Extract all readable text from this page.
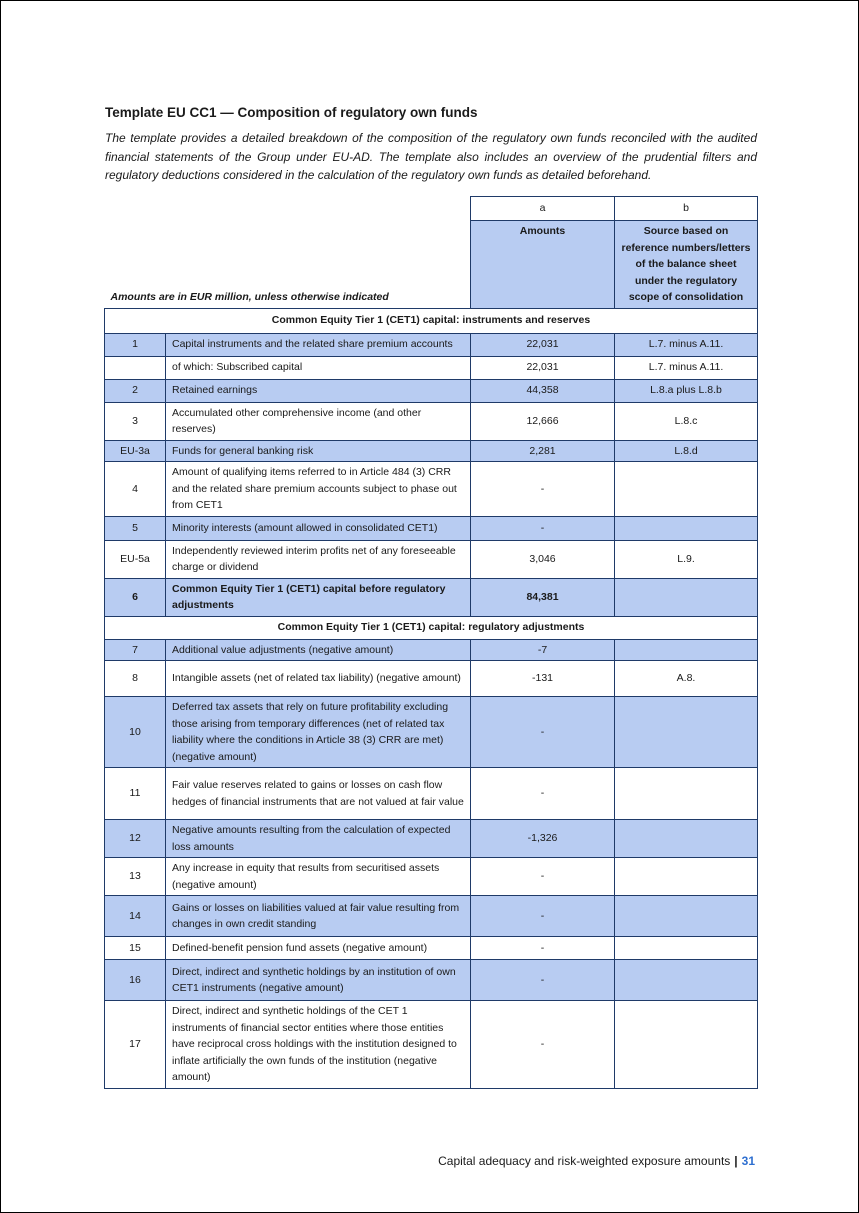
Template EU CC1 — Composition of regulatory own funds

The template provides a detailed breakdown of the composition of the regulatory own funds reconciled with the audited financial statements of the Group under EU-AD. The template also includes an overview of the prudential filters and regulatory deductions considered in the calculation of the regulatory own funds as detailed beforehand.

Amounts are in EUR million, unless otherwise indicated		a	b
		Amounts	Source based on reference numbers/letters of the balance sheet under the regulatory scope of consolidation
Common Equity Tier 1 (CET1) capital: instruments and reserves			
1	Capital instruments and the related share premium accounts	22,031	L.7. minus A.11.
	of which: Subscribed capital	22,031	L.7. minus A.11.
2	Retained earnings	44,358	L.8.a plus L.8.b
3	Accumulated other comprehensive income (and other reserves)	12,666	L.8.c
EU-3a	Funds for general banking risk	2,281	L.8.d
4	Amount of qualifying items referred to in Article 484 (3) CRR and the related share premium accounts subject to phase out from CET1	-	
5	Minority interests (amount allowed in consolidated CET1)	-	
EU-5a	Independently reviewed interim profits net of any foreseeable charge or dividend	3,046	L.9.
6	Common Equity Tier 1 (CET1) capital before regulatory adjustments	84,381	
Common Equity Tier 1 (CET1) capital: regulatory adjustments			
7	Additional value adjustments (negative amount)	-7	
8	Intangible assets (net of related tax liability) (negative amount)	-131	A.8.
10	Deferred tax assets that rely on future profitability excluding those arising from temporary differences (net of related tax liability where the conditions in Article 38 (3) CRR are met) (negative amount)	-	
11	Fair value reserves related to gains or losses on cash flow hedges of financial instruments that are not valued at fair value	-	
12	Negative amounts resulting from the calculation of expected loss amounts	-1,326	
13	Any increase in equity that results from securitised assets (negative amount)	-	
14	Gains or losses on liabilities valued at fair value resulting from changes in own credit standing	-	
15	Defined-benefit pension fund assets (negative amount)	-	
16	Direct, indirect and synthetic holdings by an institution of own CET1 instruments (negative amount)	-	
17	Direct, indirect and synthetic holdings of the CET 1 instruments of financial sector entities where those entities have reciprocal cross holdings with the institution designed to inflate artificially the own funds of the institution (negative amount)	-	
Capital adequacy and risk-weighted exposure amounts | 31
